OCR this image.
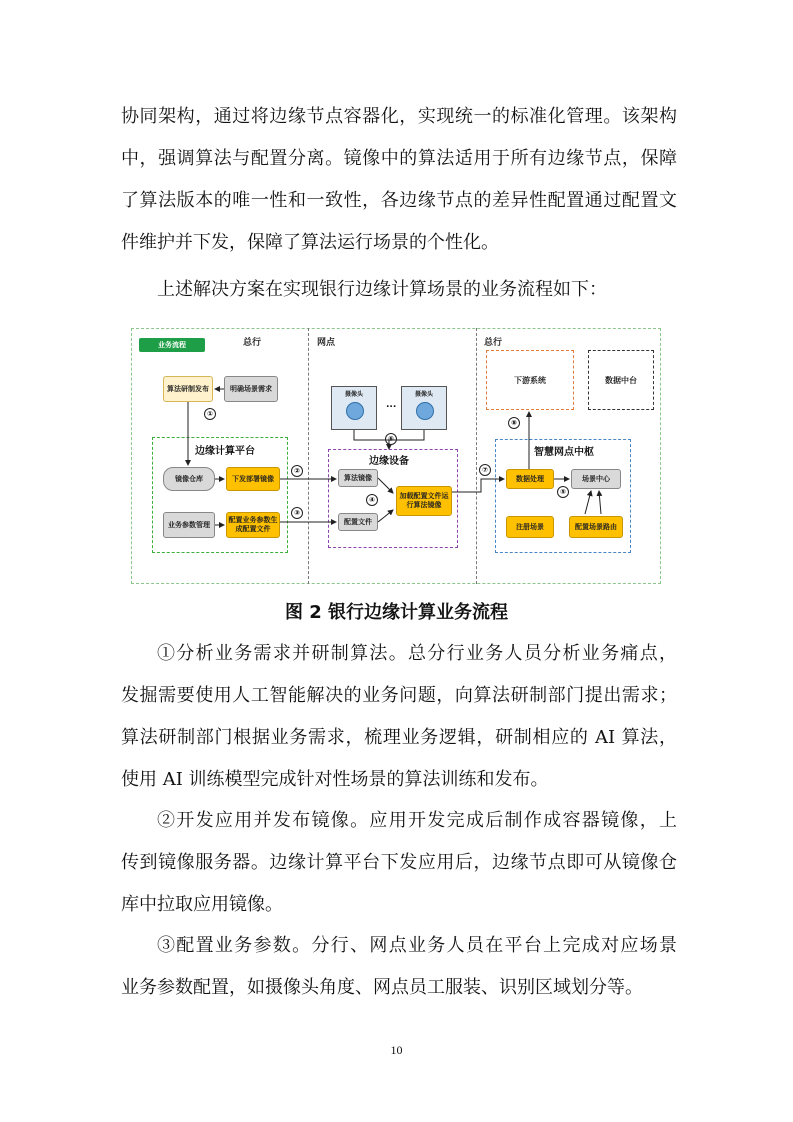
协同架构，通过将边缘节点容器化，实现统一的标准化管理。该架构
中，强调算法与配置分离。镜像中的算法适用于所有边缘节点，保障
了算法版本的唯一性和一致性，各边缘节点的差异性配置通过配置文
件维护并下发，保障了算法运行场景的个性化。
上述解决方案在实现银行边缘计算场景的业务流程如下：
业务流程	总行	网点	总行
算法研制发布	明确场景需求
①
边缘计算平台
镜像仓库	下发部署镜像
业务参数管理
配置业务参数生成配置文件
②
③
摄像头
...
摄像头
⑥
边缘设备
算法镜像
配置文件
加载配置文件运行算法镜像
④
⑦
下游系统	数据中台
⑧
智慧网点中枢
数据处理	场景中心
⑤
注册场景	配置场景路由
图 2 银行边缘计算业务流程
①分析业务需求并研制算法。总分行业务人员分析业务痛点，
发掘需要使用人工智能解决的业务问题，向算法研制部门提出需求；
算法研制部门根据业务需求，梳理业务逻辑，研制相应的 AI 算法，
使用 AI 训练模型完成针对性场景的算法训练和发布。
②开发应用并发布镜像。应用开发完成后制作成容器镜像，上
传到镜像服务器。边缘计算平台下发应用后，边缘节点即可从镜像仓
库中拉取应用镜像。
③配置业务参数。分行、网点业务人员在平台上完成对应场景
业务参数配置，如摄像头角度、网点员工服装、识别区域划分等。
10
